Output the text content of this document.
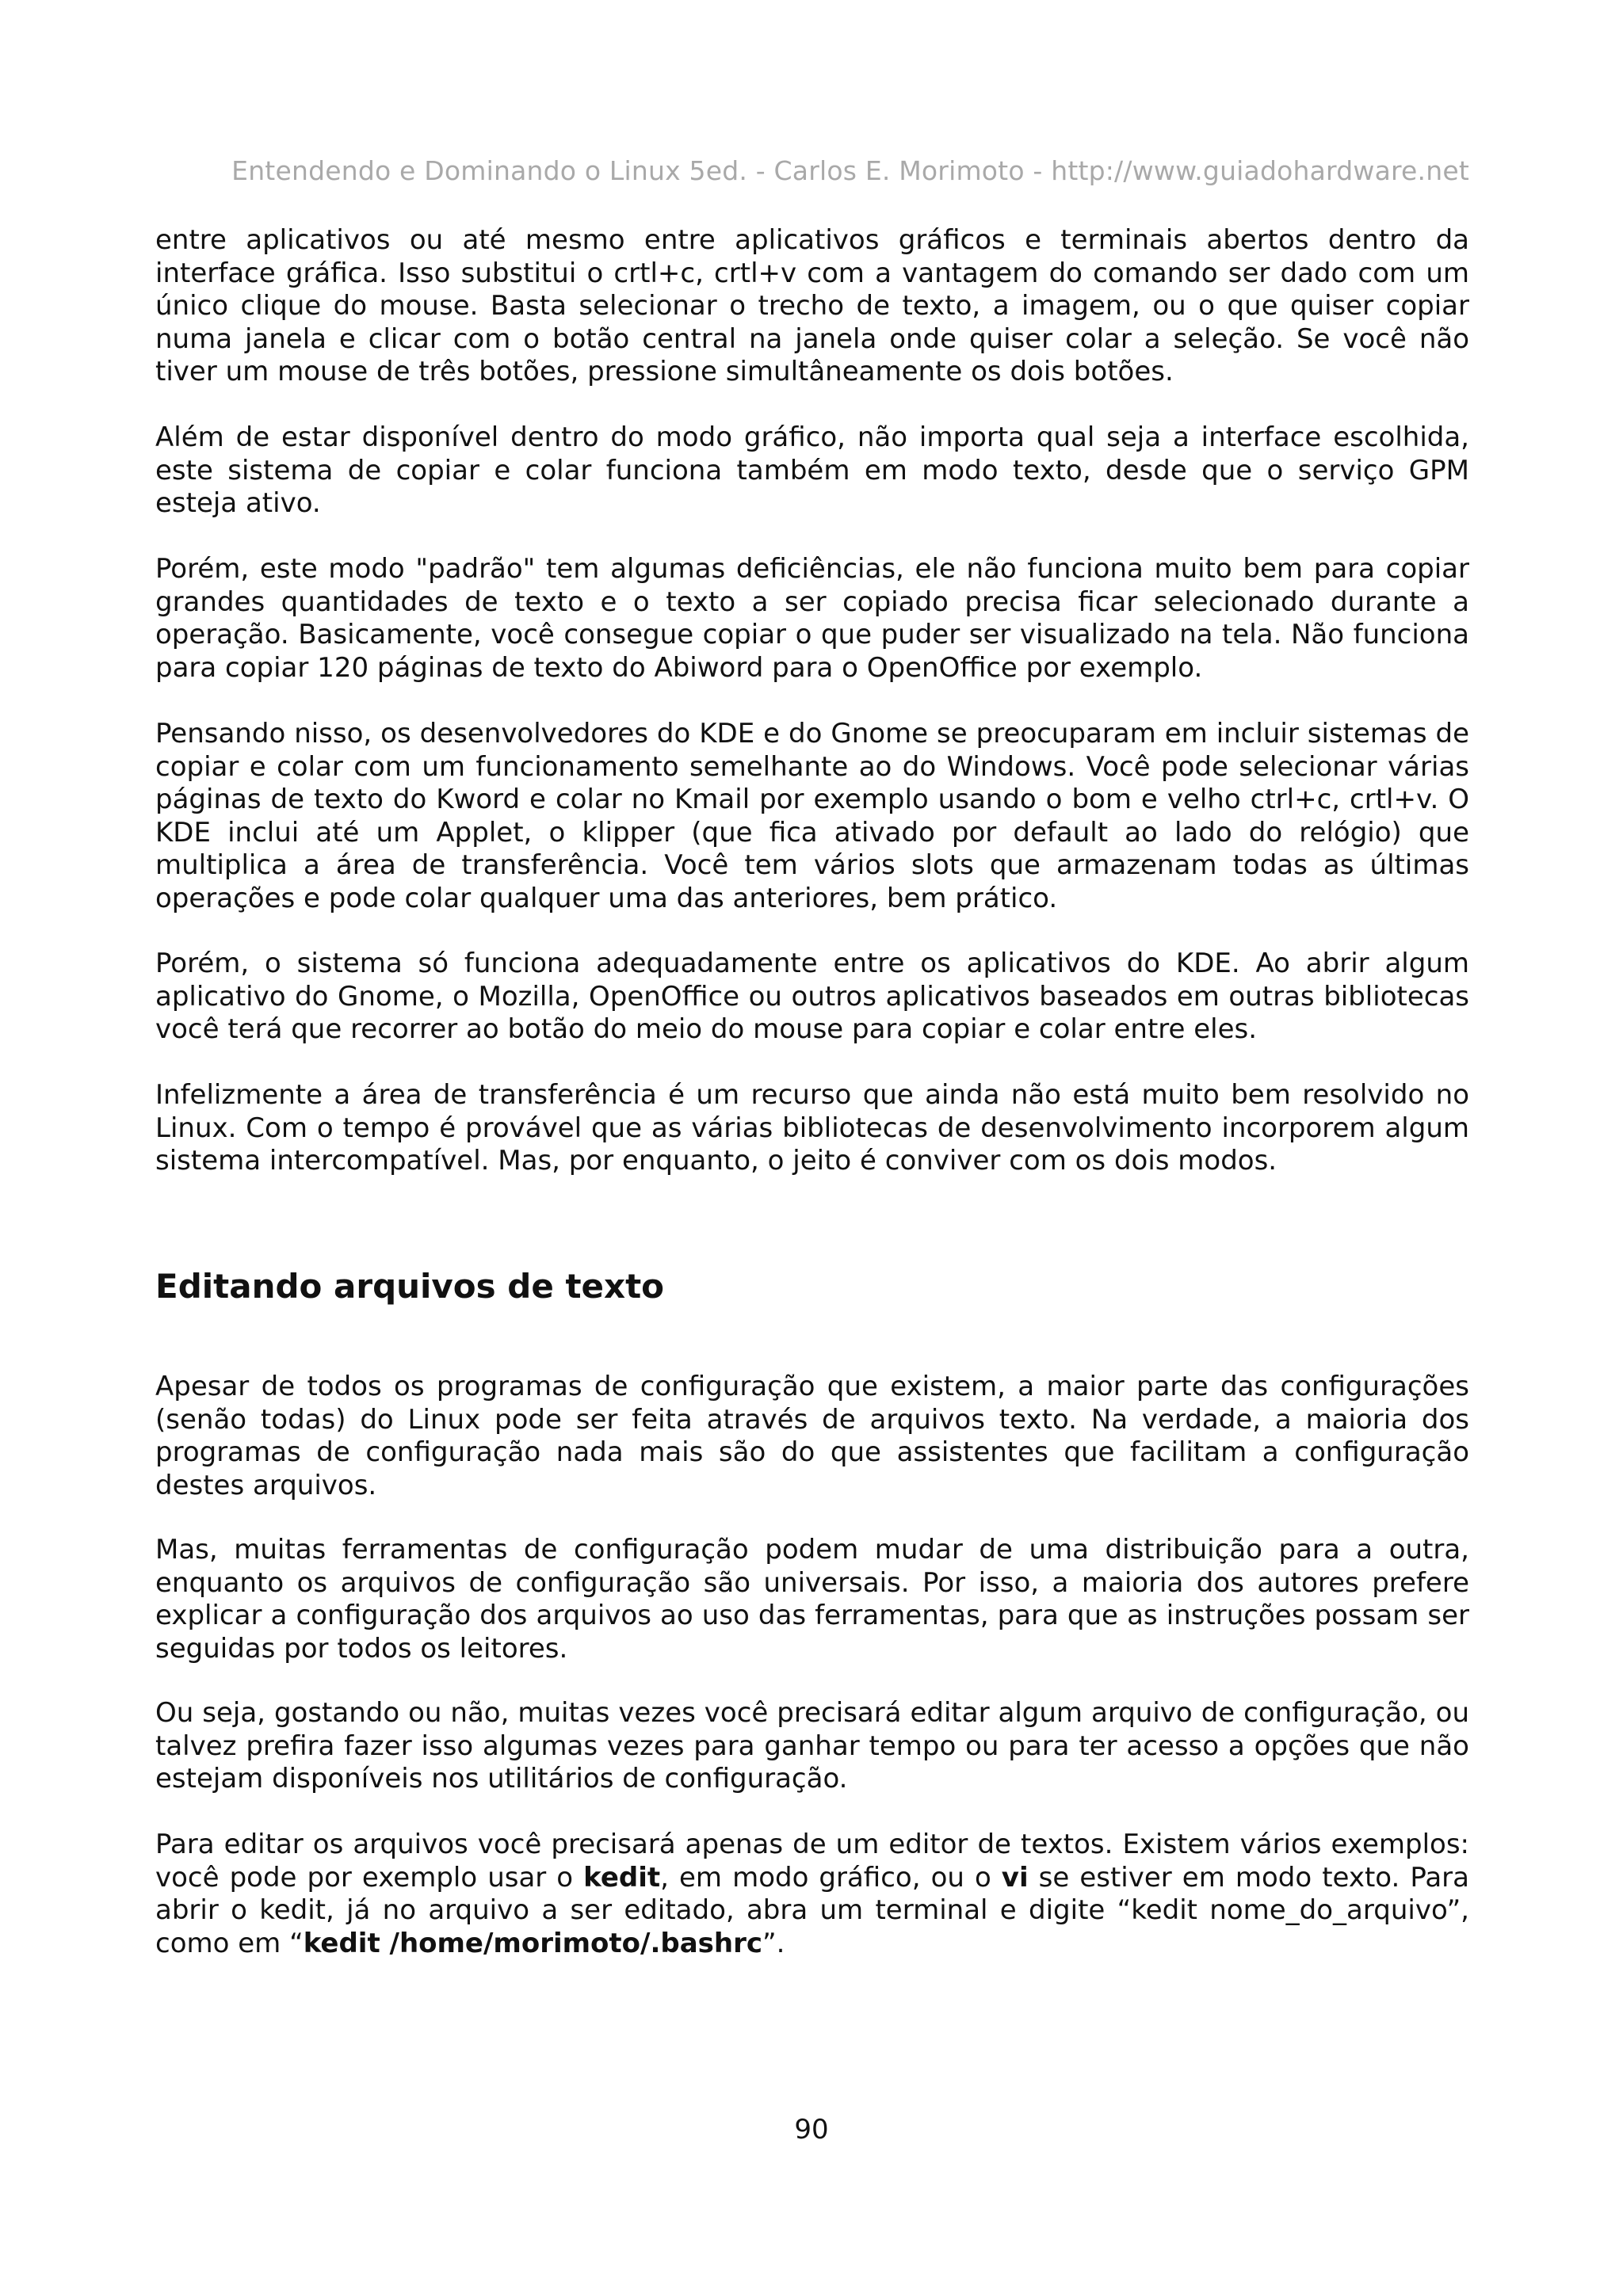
Entendendo e Dominando o Linux 5ed. - Carlos E. Morimoto - http://www.guiadohardware.net

entre aplicativos ou até mesmo entre aplicativos gráficos e terminais abertos dentro da interface gráfica. Isso substitui o crtl+c, crtl+v com a vantagem do comando ser dado com um único clique do mouse. Basta selecionar o trecho de texto, a imagem, ou o que quiser copiar numa janela e clicar com o botão central na janela onde quiser colar a seleção. Se você não tiver um mouse de três botões, pressione simultâneamente os dois botões.

Além de estar disponível dentro do modo gráfico, não importa qual seja a interface escolhida, este sistema de copiar e colar funciona também em modo texto, desde que o serviço GPM esteja ativo.

Porém, este modo "padrão" tem algumas deficiências, ele não funciona muito bem para copiar grandes quantidades de texto e o texto a ser copiado precisa ficar selecionado durante a operação. Basicamente, você consegue copiar o que puder ser visualizado na tela. Não funciona para copiar 120 páginas de texto do Abiword para o OpenOffice por exemplo.

Pensando nisso, os desenvolvedores do KDE e do Gnome se preocuparam em incluir sistemas de copiar e colar com um funcionamento semelhante ao do Windows. Você pode selecionar várias páginas de texto do Kword e colar no Kmail por exemplo usando o bom e velho ctrl+c, crtl+v. O KDE inclui até um Applet, o klipper (que fica ativado por default ao lado do relógio) que multiplica a área de transferência. Você tem vários slots que armazenam todas as últimas operações e pode colar qualquer uma das anteriores, bem prático.

Porém, o sistema só funciona adequadamente entre os aplicativos do KDE. Ao abrir algum aplicativo do Gnome, o Mozilla, OpenOffice ou outros aplicativos baseados em outras bibliotecas você terá que recorrer ao botão do meio do mouse para copiar e colar entre eles.

Infelizmente a área de transferência é um recurso que ainda não está muito bem resolvido no Linux. Com o tempo é provável que as várias bibliotecas de desenvolvimento incorporem algum sistema intercompatível. Mas, por enquanto, o jeito é conviver com os dois modos.

Editando arquivos de texto

Apesar de todos os programas de configuração que existem, a maior parte das configurações (senão todas) do Linux pode ser feita através de arquivos texto. Na verdade, a maioria dos programas de configuração nada mais são do que assistentes que facilitam a configuração destes arquivos.

Mas, muitas ferramentas de configuração podem mudar de uma distribuição para a outra, enquanto os arquivos de configuração são universais. Por isso, a maioria dos autores prefere explicar a configuração dos arquivos ao uso das ferramentas, para que as instruções possam ser seguidas por todos os leitores.

Ou seja, gostando ou não, muitas vezes você precisará editar algum arquivo de configuração, ou talvez prefira fazer isso algumas vezes para ganhar tempo ou para ter acesso a opções que não estejam disponíveis nos utilitários de configuração.

Para editar os arquivos você precisará apenas de um editor de textos. Existem vários exemplos: você pode por exemplo usar o kedit, em modo gráfico, ou o vi se estiver em modo texto. Para abrir o kedit, já no arquivo a ser editado, abra um terminal e digite “kedit nome_do_arquivo”, como em “kedit /home/morimoto/.bashrc”.

90
